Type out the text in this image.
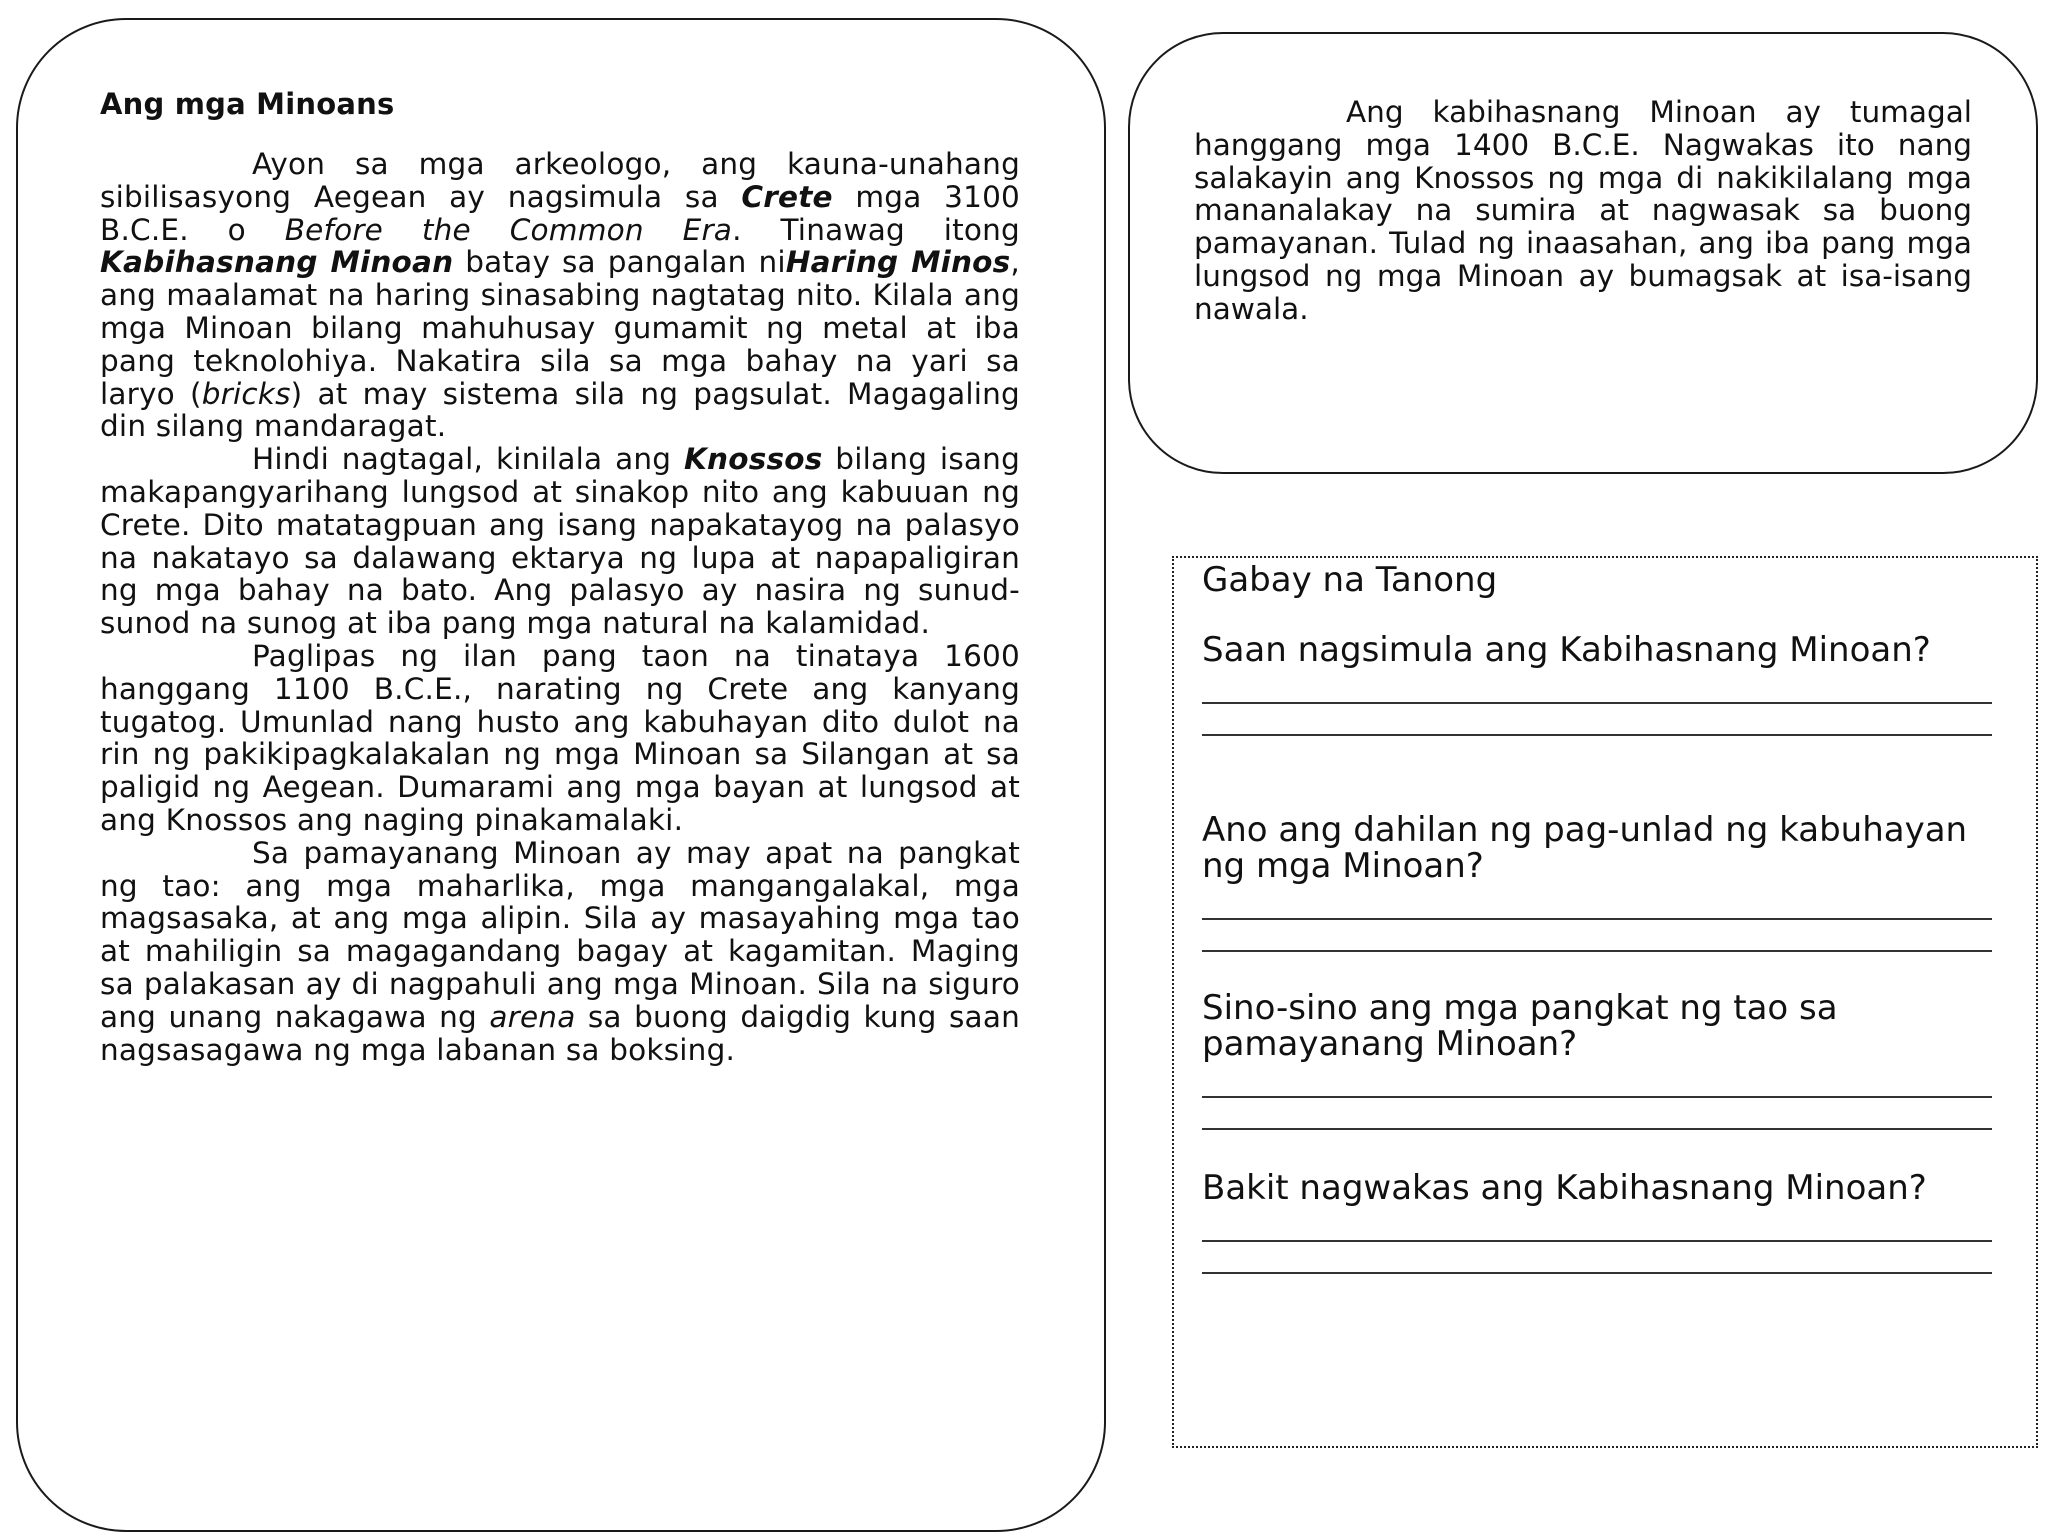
Ang mga Minoans

Ayon sa mga arkeologo, ang kauna-unahang sibilisasyong Aegean ay nagsimula sa Crete mga 3100 B.C.E. o Before the Common Era. Tinawag itong Kabihasnang Minoan batay sa pangalan niHaring Minos, ang maalamat na haring sinasabing nagtatag nito. Kilala ang mga Minoan bilang mahuhusay gumamit ng metal at iba pang teknolohiya. Nakatira sila sa mga bahay na yari sa laryo (bricks) at may sistema sila ng pagsulat. Magagaling din silang mandaragat.

Hindi nagtagal, kinilala ang Knossos bilang isang makapangyarihang lungsod at sinakop nito ang kabuuan ng Crete. Dito matatagpuan ang isang napakatayog na palasyo na nakatayo sa dalawang ektarya ng lupa at napapaligiran ng mga bahay na bato. Ang palasyo ay nasira ng sunud-sunod na sunog at iba pang mga natural na kalamidad.

Paglipas ng ilan pang taon na tinataya 1600 hanggang 1100 B.C.E., narating ng Crete ang kanyang tugatog. Umunlad nang husto ang kabuhayan dito dulot na rin ng pakikipagkalakalan ng mga Minoan sa Silangan at sa paligid ng Aegean. Dumarami ang mga bayan at lungsod at ang Knossos ang naging pinakamalaki.

Sa pamayanang Minoan ay may apat na pangkat ng tao: ang mga maharlika, mga mangangalakal, mga magsasaka, at ang mga alipin. Sila ay masayahing mga tao at mahiligin sa magagandang bagay at kagamitan. Maging sa palakasan ay di nagpahuli ang mga Minoan. Sila na siguro ang unang nakagawa ng arena sa buong daigdig kung saan nagsasagawa ng mga labanan sa boksing.

Ang kabihasnang Minoan ay tumagal hanggang mga 1400 B.C.E. Nagwakas ito nang salakayin ang Knossos ng mga di nakikilalang mga mananalakay na sumira at nagwasak sa buong pamayanan. Tulad ng inaasahan, ang iba pang mga lungsod ng mga Minoan ay bumagsak at isa-isang nawala.

Gabay na Tanong

Saan nagsimula ang Kabihasnang Minoan?

Ano ang dahilan ng pag-unlad ng kabuhayan ng mga Minoan?

Sino-sino ang mga pangkat ng tao sa pamayanang Minoan?

Bakit nagwakas ang Kabihasnang Minoan?
